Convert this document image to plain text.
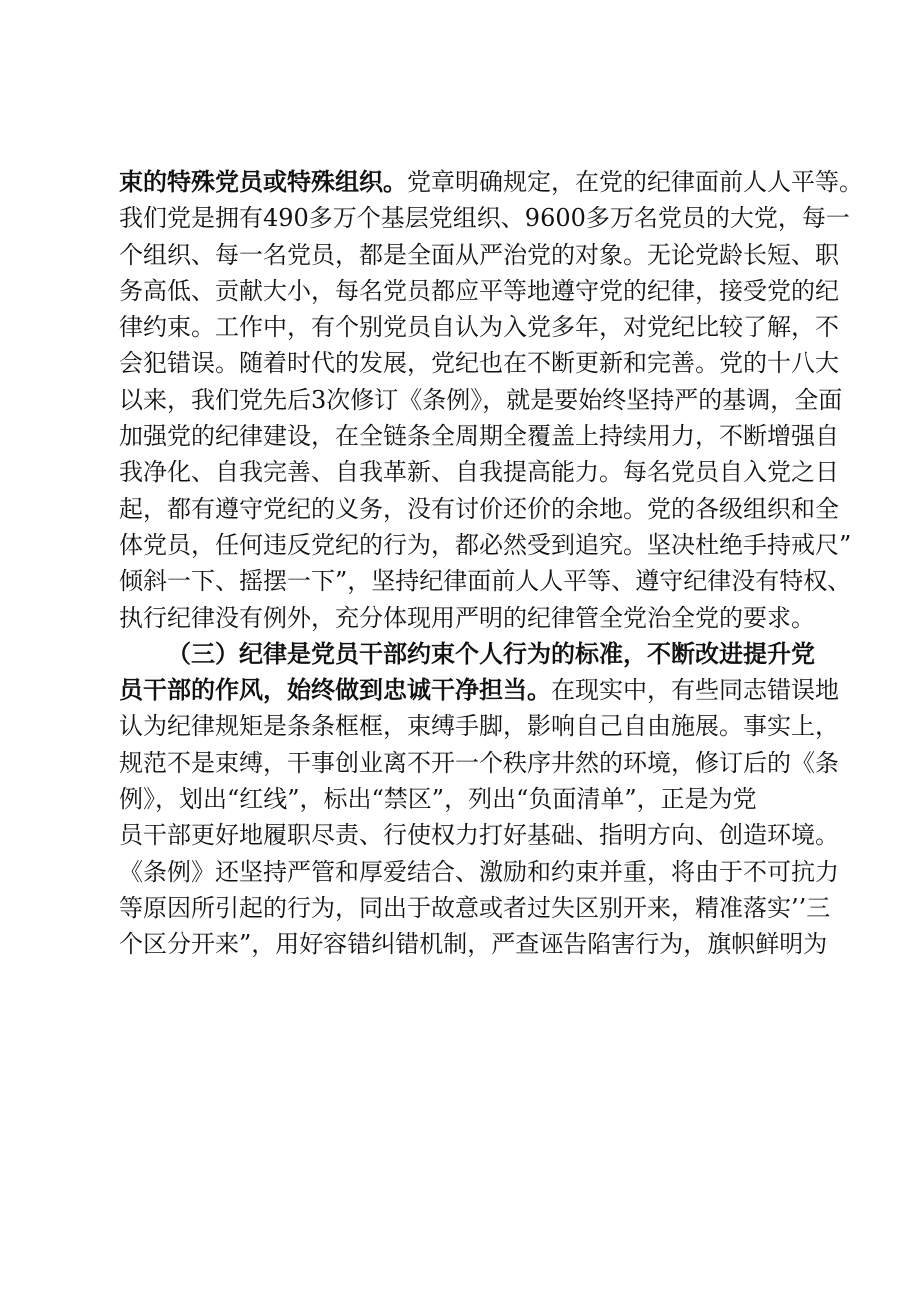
束的特殊党员或特殊组织。党章明确规定，在党的纪律面前人人平等。
我们党是拥有490多万个基层党组织、9600多万名党员的大党，每一
个组织、每一名党员，都是全面从严治党的对象。无论党龄长短、职
务高低、贡献大小，每名党员都应平等地遵守党的纪律，接受党的纪
律约束。工作中，有个别党员自认为入党多年，对党纪比较了解，不
会犯错误。随着时代的发展，党纪也在不断更新和完善。党的十八大
以来，我们党先后3次修订《条例》，就是要始终坚持严的基调，全面
加强党的纪律建设，在全链条全周期全覆盖上持续用力，不断增强自
我净化、自我完善、自我革新、自我提高能力。每名党员自入党之日
起，都有遵守党纪的义务，没有讨价还价的余地。党的各级组织和全
体党员，任何违反党纪的行为，都必然受到追究。坚决杜绝手持戒尺”
倾斜一下、摇摆一下”，坚持纪律面前人人平等、遵守纪律没有特权、
执行纪律没有例外，充分体现用严明的纪律管全党治全党的要求。
（三）纪律是党员干部约束个人行为的标准，不断改进提升党
员干部的作风，始终做到忠诚干净担当。在现实中，有些同志错误地
认为纪律规矩是条条框框，束缚手脚，影响自己自由施展。事实上，
规范不是束缚，干事创业离不开一个秩序井然的环境，修订后的《条
例》，划出“红线”，标出“禁区”，列出“负面清单”，正是为党
员干部更好地履职尽责、行使权力打好基础、指明方向、创造环境。
《条例》还坚持严管和厚爱结合、激励和约束并重，将由于不可抗力
等原因所引起的行为，同出于故意或者过失区别开来，精准落实’’三
个区分开来”，用好容错纠错机制，严查诬告陷害行为，旗帜鲜明为
